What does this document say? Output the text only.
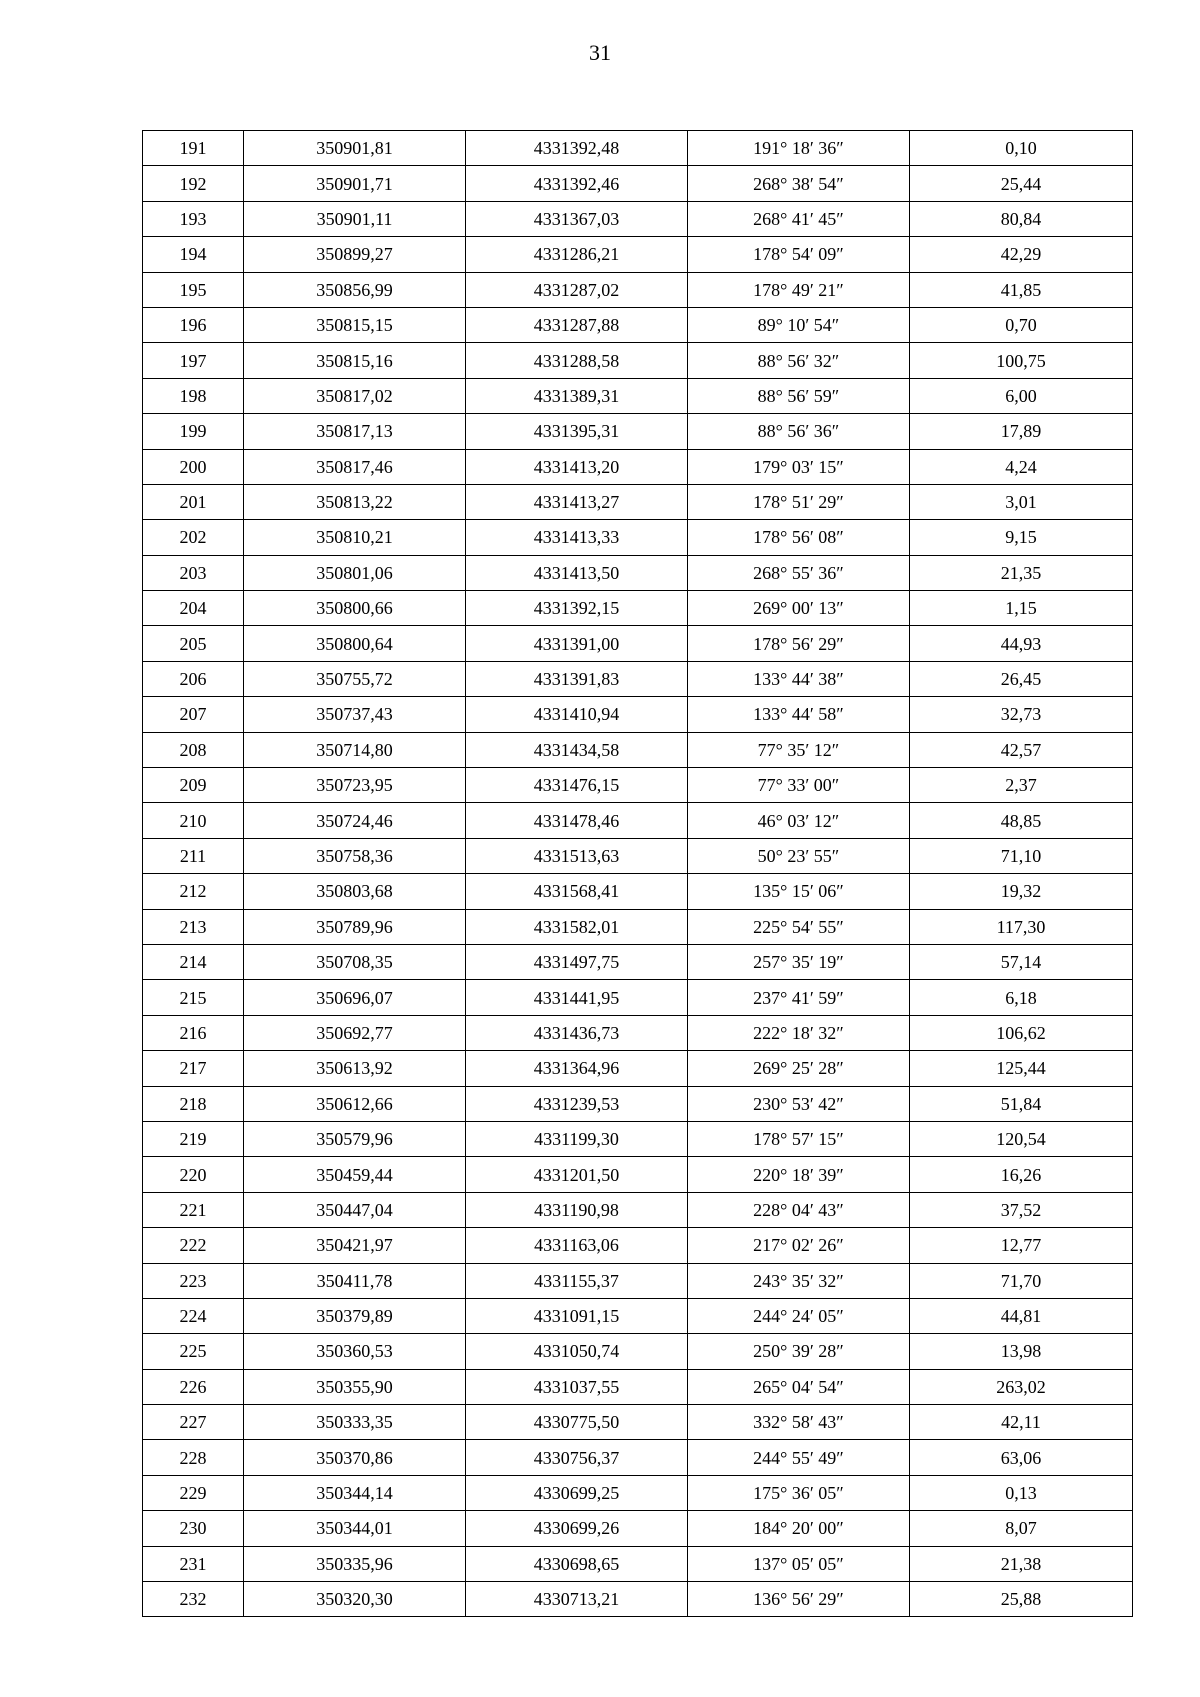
31
191	350901,81	4331392,48	191° 18′ 36″	0,10
192	350901,71	4331392,46	268° 38′ 54″	25,44
193	350901,11	4331367,03	268° 41′ 45″	80,84
194	350899,27	4331286,21	178° 54′ 09″	42,29
195	350856,99	4331287,02	178° 49′ 21″	41,85
196	350815,15	4331287,88	89° 10′ 54″	0,70
197	350815,16	4331288,58	88° 56′ 32″	100,75
198	350817,02	4331389,31	88° 56′ 59″	6,00
199	350817,13	4331395,31	88° 56′ 36″	17,89
200	350817,46	4331413,20	179° 03′ 15″	4,24
201	350813,22	4331413,27	178° 51′ 29″	3,01
202	350810,21	4331413,33	178° 56′ 08″	9,15
203	350801,06	4331413,50	268° 55′ 36″	21,35
204	350800,66	4331392,15	269° 00′ 13″	1,15
205	350800,64	4331391,00	178° 56′ 29″	44,93
206	350755,72	4331391,83	133° 44′ 38″	26,45
207	350737,43	4331410,94	133° 44′ 58″	32,73
208	350714,80	4331434,58	77° 35′ 12″	42,57
209	350723,95	4331476,15	77° 33′ 00″	2,37
210	350724,46	4331478,46	46° 03′ 12″	48,85
211	350758,36	4331513,63	50° 23′ 55″	71,10
212	350803,68	4331568,41	135° 15′ 06″	19,32
213	350789,96	4331582,01	225° 54′ 55″	117,30
214	350708,35	4331497,75	257° 35′ 19″	57,14
215	350696,07	4331441,95	237° 41′ 59″	6,18
216	350692,77	4331436,73	222° 18′ 32″	106,62
217	350613,92	4331364,96	269° 25′ 28″	125,44
218	350612,66	4331239,53	230° 53′ 42″	51,84
219	350579,96	4331199,30	178° 57′ 15″	120,54
220	350459,44	4331201,50	220° 18′ 39″	16,26
221	350447,04	4331190,98	228° 04′ 43″	37,52
222	350421,97	4331163,06	217° 02′ 26″	12,77
223	350411,78	4331155,37	243° 35′ 32″	71,70
224	350379,89	4331091,15	244° 24′ 05″	44,81
225	350360,53	4331050,74	250° 39′ 28″	13,98
226	350355,90	4331037,55	265° 04′ 54″	263,02
227	350333,35	4330775,50	332° 58′ 43″	42,11
228	350370,86	4330756,37	244° 55′ 49″	63,06
229	350344,14	4330699,25	175° 36′ 05″	0,13
230	350344,01	4330699,26	184° 20′ 00″	8,07
231	350335,96	4330698,65	137° 05′ 05″	21,38
232	350320,30	4330713,21	136° 56′ 29″	25,88
